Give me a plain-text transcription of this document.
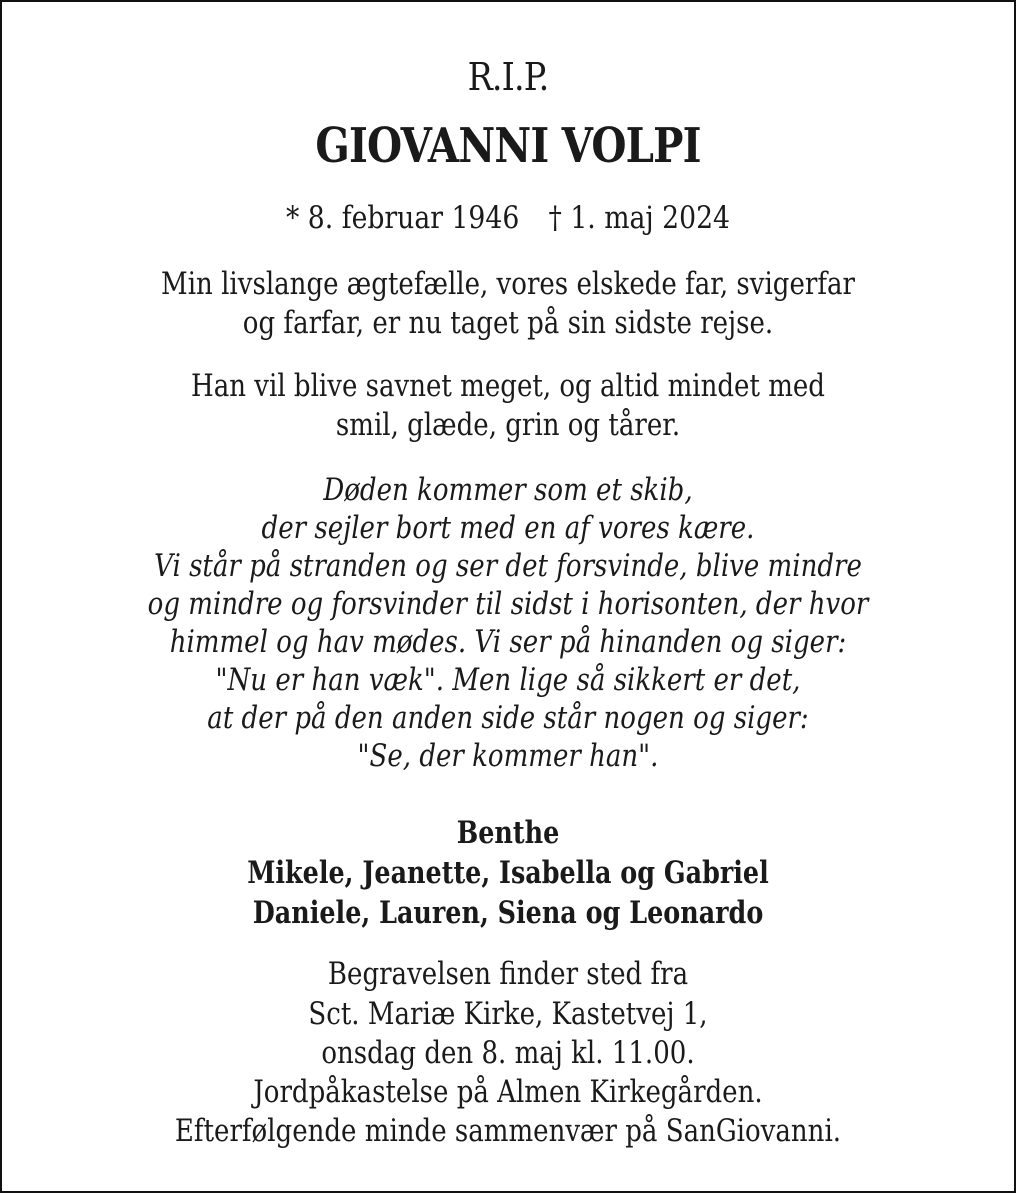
R.I.P.
GIOVANNI VOLPI
* 8. februar 1946 † 1. maj 2024
Min livslange ægtefælle, vores elskede far, svigerfar
og farfar, er nu taget på sin sidste rejse.
Han vil blive savnet meget, og altid mindet med
smil, glæde, grin og tårer.
Døden kommer som et skib,
der sejler bort med en af vores kære.
Vi står på stranden og ser det forsvinde, blive mindre
og mindre og forsvinder til sidst i horisonten, der hvor
himmel og hav mødes. Vi ser på hinanden og siger:
"Nu er han væk". Men lige så sikkert er det,
at der på den anden side står nogen og siger:
"Se, der kommer han".
Benthe
Mikele, Jeanette, Isabella og Gabriel
Daniele, Lauren, Siena og Leonardo
Begravelsen finder sted fra
Sct. Mariæ Kirke, Kastetvej 1,
onsdag den 8. maj kl. 11.00.
Jordpåkastelse på Almen Kirkegården.
Efterfølgende minde sammenvær på SanGiovanni.
